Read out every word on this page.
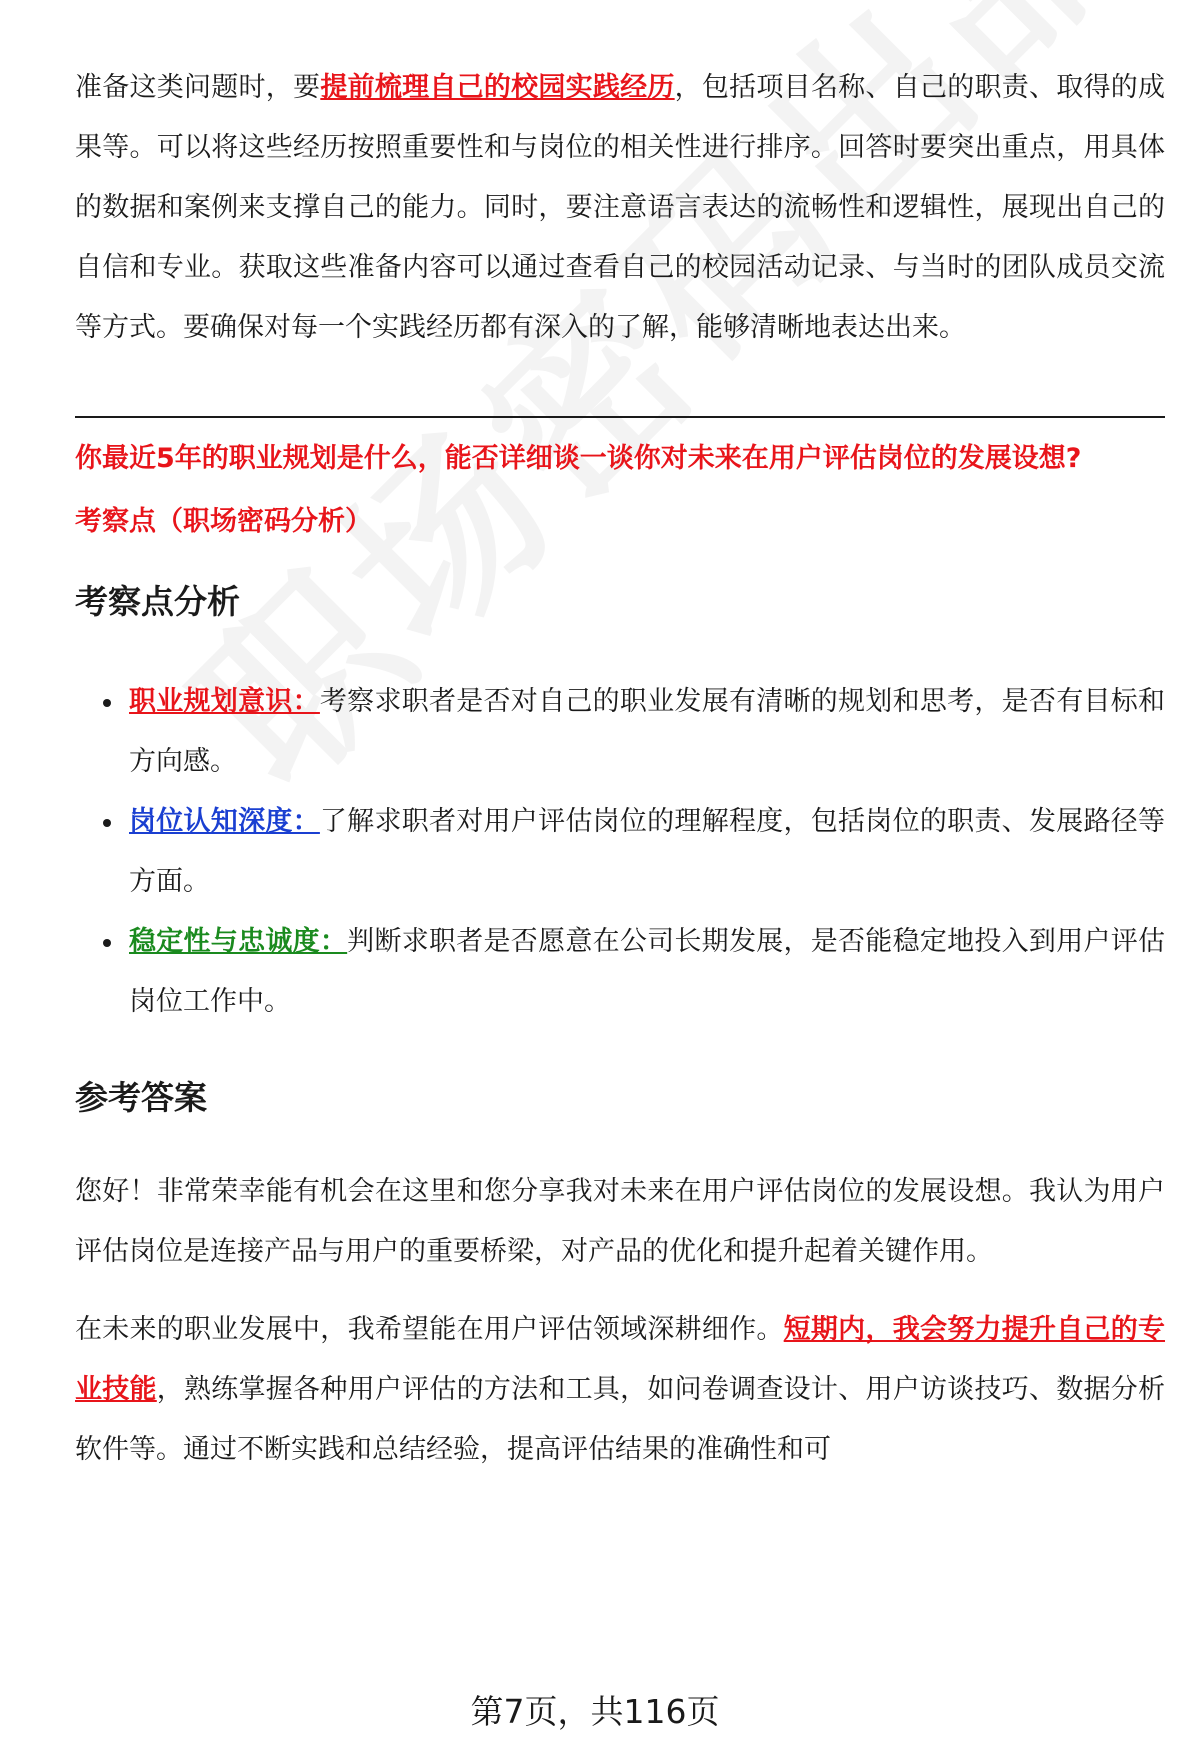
准备这类问题时，要提前梳理自己的校园实践经历，包括项目名称、自己的职责、取得的成果等。可以将这些经历按照重要性和与岗位的相关性进行排序。回答时要突出重点，用具体的数据和案例来支撑自己的能力。同时，要注意语言表达的流畅性和逻辑性，展现出自己的自信和专业。获取这些准备内容可以通过查看自己的校园活动记录、与当时的团队成员交流等方式。要确保对每一个实践经历都有深入的了解，能够清晰地表达出来。

你最近5年的职业规划是什么，能否详细谈一谈你对未来在用户评估岗位的发展设想?

考察点（职场密码分析）

考察点分析
职业规划意识：考察求职者是否对自己的职业发展有清晰的规划和思考，是否有目标和方向感。
岗位认知深度：了解求职者对用户评估岗位的理解程度，包括岗位的职责、发展路径等方面。
稳定性与忠诚度：判断求职者是否愿意在公司长期发展，是否能稳定地投入到用户评估岗位工作中。
参考答案

您好！非常荣幸能有机会在这里和您分享我对未来在用户评估岗位的发展设想。我认为用户评估岗位是连接产品与用户的重要桥梁，对产品的优化和提升起着关键作用。

在未来的职业发展中，我希望能在用户评估领域深耕细作。短期内，我会努力提升自己的专业技能，熟练掌握各种用户评估的方法和工具，如问卷调查设计、用户访谈技巧、数据分析软件等。通过不断实践和总结经验，提高评估结果的准确性和可

第7页，共116页
